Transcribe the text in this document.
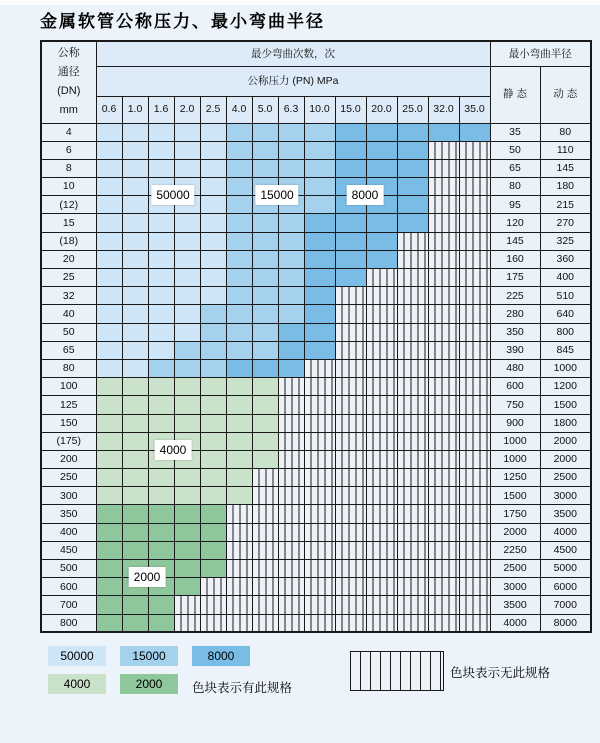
金属软管公称压力、最小弯曲半径
公称
通径
(DN)
mm	最少弯曲次数，次														最小弯曲半径	
	公称压力 (PN) MPa														静 态	动 态
	0.6	1.0	1.6	2.0	2.5	4.0	5.0	6.3	10.0	15.0	20.0	25.0	32.0	35.0		
4															35	80
6															50	110
8															65	145
10															80	180
(12)															95	215
15															120	270
(18)															145	325
20															160	360
25															175	400
32															225	510
40															280	640
50															350	800
65															390	845
80															480	1000
100															600	1200
125															750	1500
150															900	1800
(175)															1000	2000
200															1000	2000
250															1250	2500
300															1500	3000
350															1750	3500
400															2000	4000
450															2250	4500
500															2500	5000
600															3000	6000
700															3500	7000
800															4000	8000
50000	15000	8000
4000
2000
50000	15000	8000
4000	2000	色块表示有此规格
色块表示无此规格
